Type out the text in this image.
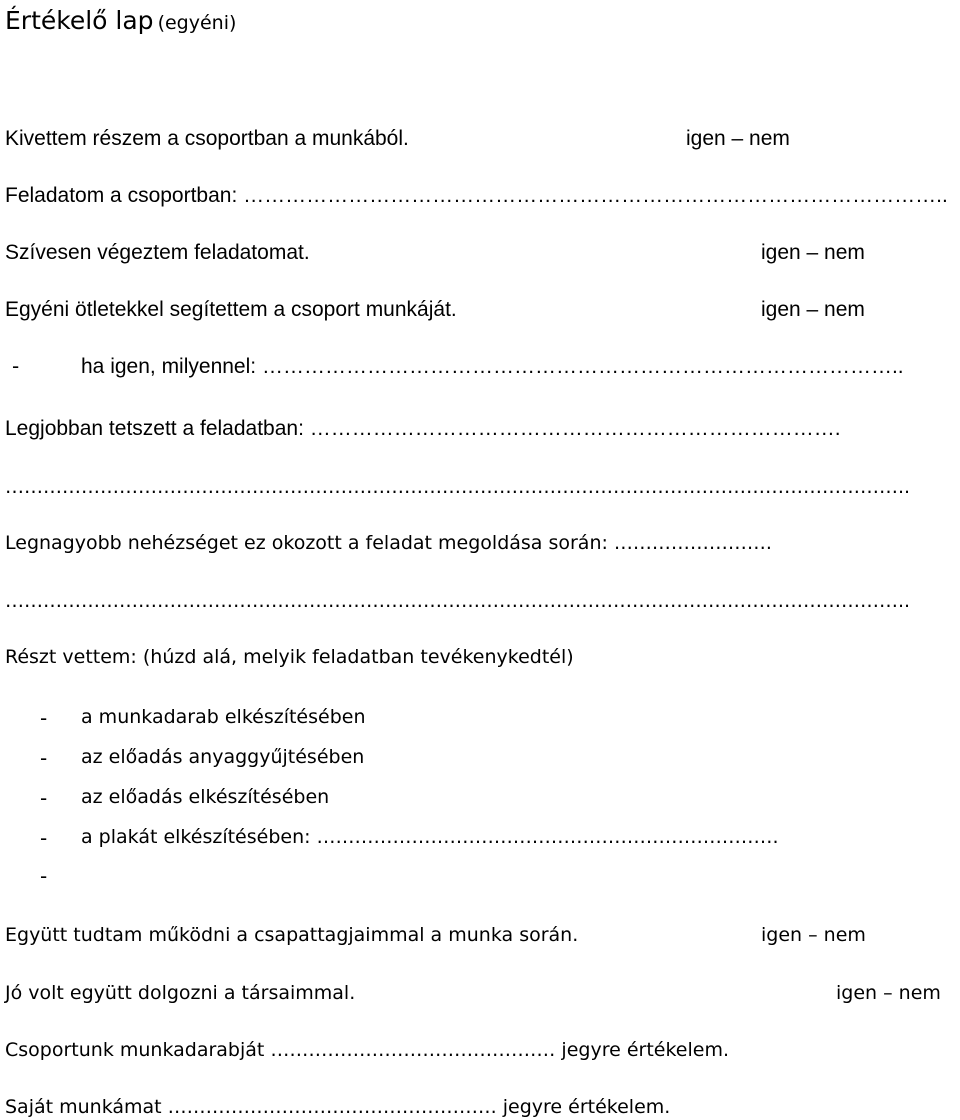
Értékelő lap (egyéni)
Kivettem részem a csoportban a munkából.	igen – nem
Feladatom a csoportban: ………………………………………………………………………………………..
Szívesen végeztem feladatomat.	igen – nem
Egyéni ötletekkel segítettem a csoport munkáját.	igen – nem
-	ha igen, milyennel: ………………………………………………………………………………..
Legjobban tetszett a feladatban: ………………………………………………………………….
……………………………………………………………………………………………………………………………..
Legnagyobb nehézséget ez okozott a feladat megoldása során: …………………….
……………………………………………………………………………………………………………………………..
Részt vettem: (húzd alá, melyik feladatban tevékenykedtél)
- a munkadarab elkészítésében
- az előadás anyaggyűjtésében
- az előadás elkészítésében
- a plakát elkészítésében: ……………………………………………………………….
-
Együtt tudtam működni a csapattagjaimmal a munka során.	igen – nem
Jó volt együtt dolgozni a társaimmal.	igen – nem
Csoportunk munkadarabját ……………………………………… jegyre értékelem.
Saját munkámat ……………………………………………. jegyre értékelem.
